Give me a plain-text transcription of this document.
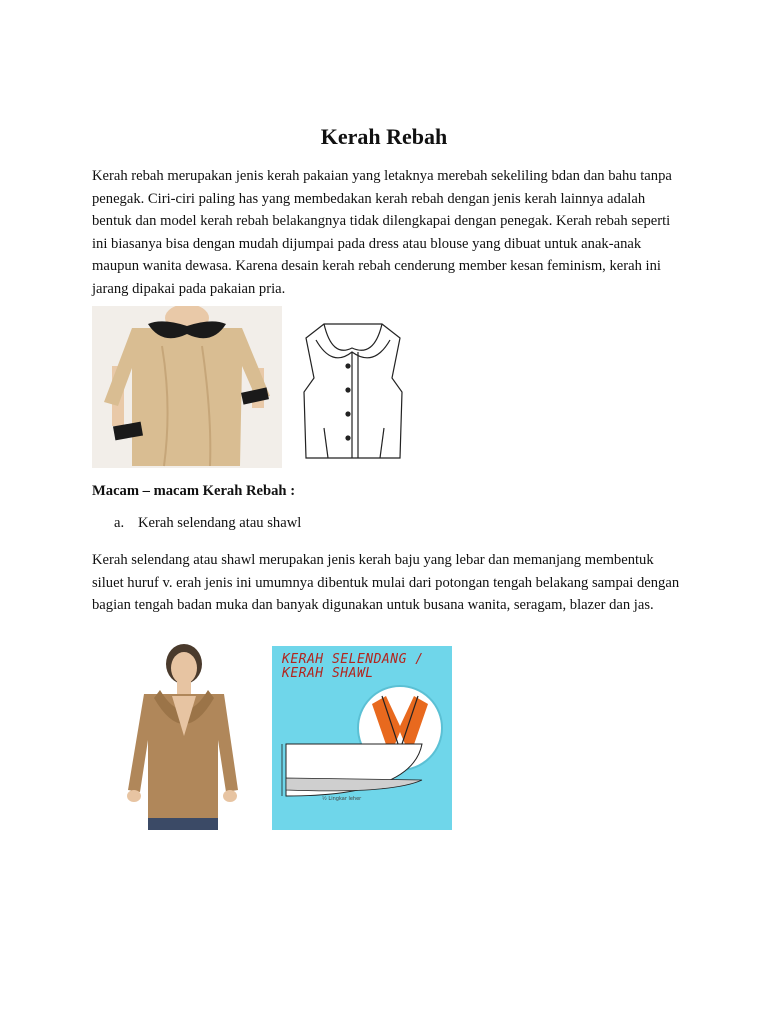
Kerah Rebah

Kerah rebah merupakan jenis kerah pakaian yang letaknya merebah sekeliling bdan dan bahu tanpa penegak. Ciri-ciri paling has yang membedakan kerah rebah dengan jenis kerah lainnya adalah bentuk dan model kerah rebah belakangnya tidak dilengkapai dengan penegak. Kerah rebah seperti ini biasanya bisa dengan mudah dijumpai pada dress atau blouse yang dibuat untuk anak-anak maupun wanita dewasa. Karena desain kerah rebah cenderung member kesan feminism, kerah ini jarang dipakai pada pakaian pria.

Macam – macam Kerah Rebah :

a. Kerah selendang atau shawl

Kerah selendang atau shawl merupakan jenis kerah baju yang lebar dan memanjang membentuk siluet huruf v. erah jenis ini umumnya dibentuk mulai dari potongan tengah belakang sampai dengan bagian tengah badan muka dan banyak digunakan untuk busana wanita, seragam, blazer dan jas.

KERAH SELENDANG /
KERAH SHAWL
½ Lingkar leher
